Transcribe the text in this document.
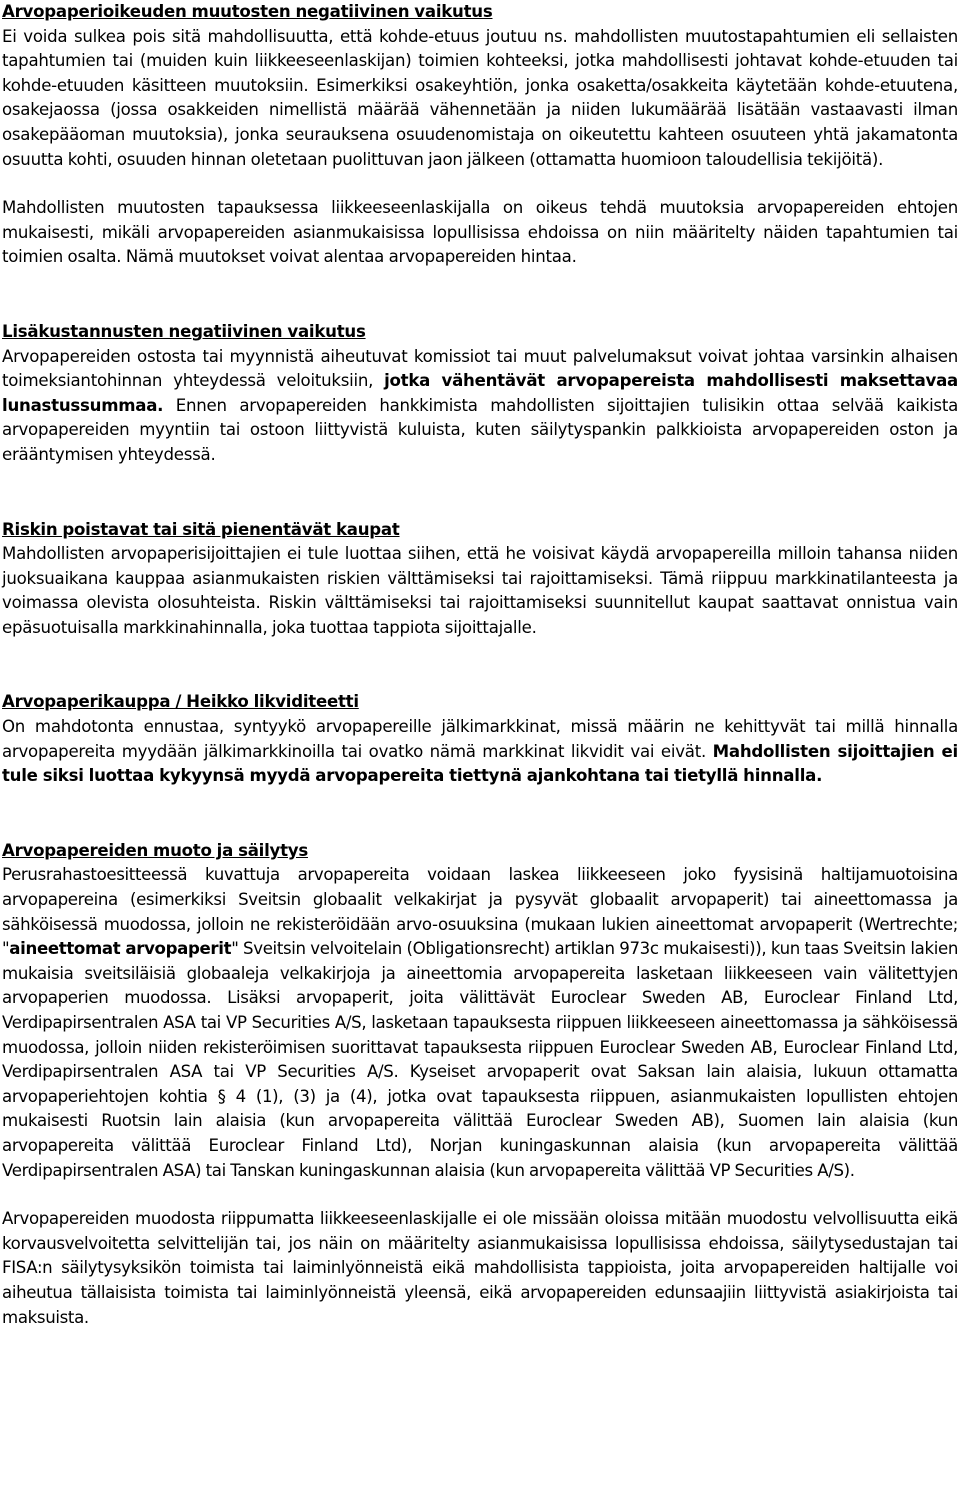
Arvopaperioikeuden muutosten negatiivinen vaikutus

Ei voida sulkea pois sitä mahdollisuutta, että kohde-etuus joutuu ns. mahdollisten muutostapahtumien eli sellaisten tapahtumien tai (muiden kuin liikkeeseenlaskijan) toimien kohteeksi, jotka mahdollisesti johtavat kohde-etuuden tai kohde-etuuden käsitteen muutoksiin. Esimerkiksi osakeyhtiön, jonka osaketta/osakkeita käytetään kohde-etuutena, osakejaossa (jossa osakkeiden nimellistä määrää vähennetään ja niiden lukumäärää lisätään vastaavasti ilman osakepääoman muutoksia), jonka seurauksena osuudenomistaja on oikeutettu kahteen osuuteen yhtä jakamatonta osuutta kohti, osuuden hinnan oletetaan puolittuvan jaon jälkeen (ottamatta huomioon taloudellisia tekijöitä).

Mahdollisten muutosten tapauksessa liikkeeseenlaskijalla on oikeus tehdä muutoksia arvopapereiden ehtojen mukaisesti, mikäli arvopapereiden asianmukaisissa lopullisissa ehdoissa on niin määritelty näiden tapahtumien tai toimien osalta. Nämä muutokset voivat alentaa arvopapereiden hintaa.

Lisäkustannusten negatiivinen vaikutus

Arvopapereiden ostosta tai myynnistä aiheutuvat komissiot tai muut palvelumaksut voivat johtaa varsinkin alhaisen toimeksiantohinnan yhteydessä veloituksiin, jotka vähentävät arvopapereista mahdollisesti maksettavaa lunastussummaa. Ennen arvopapereiden hankkimista mahdollisten sijoittajien tulisikin ottaa selvää kaikista arvopapereiden myyntiin tai ostoon liittyvistä kuluista, kuten säilytyspankin palkkioista arvopapereiden oston ja erääntymisen yhteydessä.

Riskin poistavat tai sitä pienentävät kaupat

Mahdollisten arvopaperisijoittajien ei tule luottaa siihen, että he voisivat käydä arvopapereilla milloin tahansa niiden juoksuaikana kauppaa asianmukaisten riskien välttämiseksi tai rajoittamiseksi. Tämä riippuu markkinatilanteesta ja voimassa olevista olosuhteista. Riskin välttämiseksi tai rajoittamiseksi suunnitellut kaupat saattavat onnistua vain epäsuotuisalla markkinahinnalla, joka tuottaa tappiota sijoittajalle.

Arvopaperikauppa / Heikko likviditeetti

On mahdotonta ennustaa, syntyykö arvopapereille jälkimarkkinat, missä määrin ne kehittyvät tai millä hinnalla arvopapereita myydään jälkimarkkinoilla tai ovatko nämä markkinat likvidit vai eivät. Mahdollisten sijoittajien ei tule siksi luottaa kykyynsä myydä arvopapereita tiettynä ajankohtana tai tietyllä hinnalla.

Arvopapereiden muoto ja säilytys

Perusrahastoesitteessä kuvattuja arvopapereita voidaan laskea liikkeeseen joko fyysisinä haltijamuotoisina arvopapereina (esimerkiksi Sveitsin globaalit velkakirjat ja pysyvät globaalit arvopaperit) tai aineettomassa ja sähköisessä muodossa, jolloin ne rekisteröidään arvo-osuuksina (mukaan lukien aineettomat arvopaperit (Wertrechte; "aineettomat arvopaperit" Sveitsin velvoitelain (Obligationsrecht) artiklan 973c mukaisesti)), kun taas Sveitsin lakien mukaisia sveitsiläisiä globaaleja velkakirjoja ja aineettomia arvopapereita lasketaan liikkeeseen vain välitettyjen arvopaperien muodossa. Lisäksi arvopaperit, joita välittävät Euroclear Sweden AB, Euroclear Finland Ltd, Verdipapirsentralen ASA tai VP Securities A/S, lasketaan tapauksesta riippuen liikkeeseen aineettomassa ja sähköisessä muodossa, jolloin niiden rekisteröimisen suorittavat tapauksesta riippuen Euroclear Sweden AB, Euroclear Finland Ltd, Verdipapirsentralen ASA tai VP Securities A/S. Kyseiset arvopaperit ovat Saksan lain alaisia, lukuun ottamatta arvopaperiehtojen kohtia § 4 (1), (3) ja (4), jotka ovat tapauksesta riippuen, asianmukaisten lopullisten ehtojen mukaisesti Ruotsin lain alaisia (kun arvopapereita välittää Euroclear Sweden AB), Suomen lain alaisia (kun arvopapereita välittää Euroclear Finland Ltd), Norjan kuningaskunnan alaisia (kun arvopapereita välittää Verdipapirsentralen ASA) tai Tanskan kuningaskunnan alaisia (kun arvopapereita välittää VP Securities A/S).

Arvopapereiden muodosta riippumatta liikkeeseenlaskijalle ei ole missään oloissa mitään muodostu velvollisuutta eikä korvausvelvoitetta selvittelijän tai, jos näin on määritelty asianmukaisissa lopullisissa ehdoissa, säilytysedustajan tai FISA:n säilytysyksikön toimista tai laiminlyönneistä eikä mahdollisista tappioista, joita arvopapereiden haltijalle voi aiheutua tällaisista toimista tai laiminlyönneistä yleensä, eikä arvopapereiden edunsaajiin liittyvistä asiakirjoista tai maksuista.
